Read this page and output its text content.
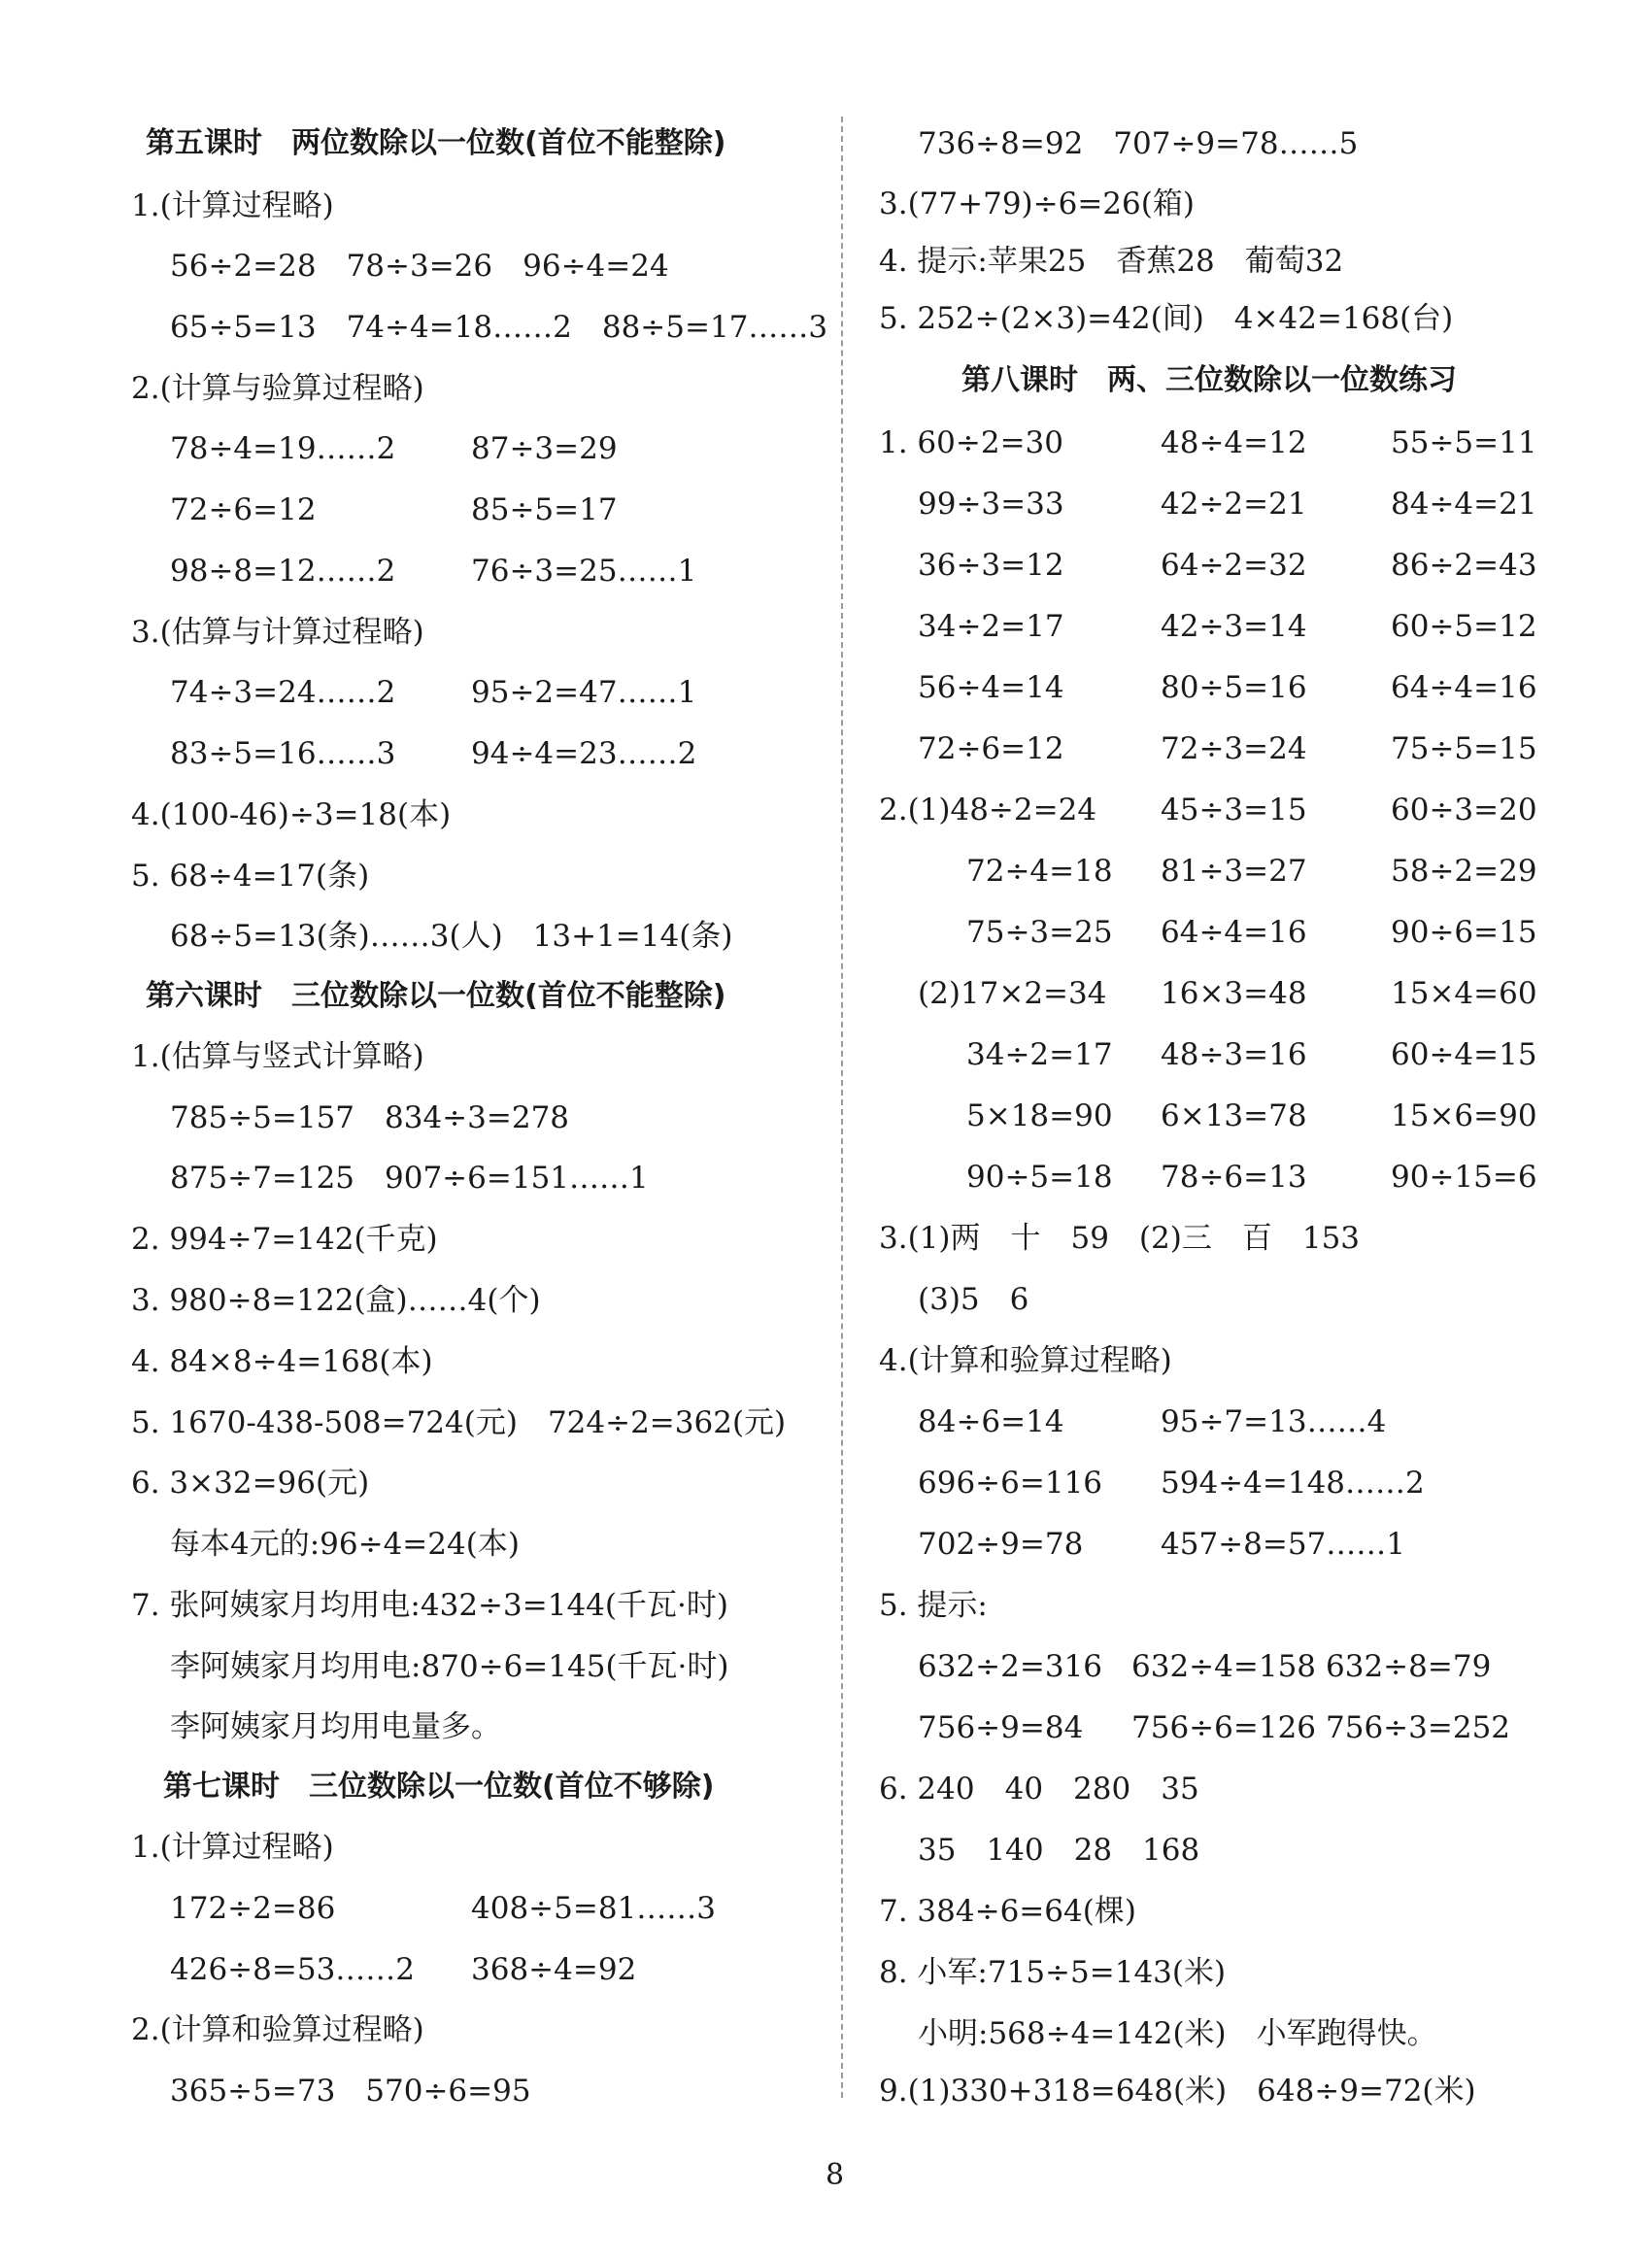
第五课时　两位数除以一位数(首位不能整除)
1.(计算过程略)
56÷2=28　78÷3=26　96÷4=24
65÷5=13　74÷4=18……2　88÷5=17……3
2.(计算与验算过程略)
78÷4=19……2	87÷3=29
72÷6=12	85÷5=17
98÷8=12……2	76÷3=25……1
3.(估算与计算过程略)
74÷3=24……2	95÷2=47……1
83÷5=16……3	94÷4=23……2
4.(100-46)÷3=18(本)
5. 68÷4=17(条)
68÷5=13(条)……3(人)　13+1=14(条)
第六课时　三位数除以一位数(首位不能整除)
1.(估算与竖式计算略)
785÷5=157　834÷3=278
875÷7=125　907÷6=151……1
2. 994÷7=142(千克)
3. 980÷8=122(盒)……4(个)
4. 84×8÷4=168(本)
5. 1670-438-508=724(元)　724÷2=362(元)
6. 3×32=96(元)
每本4元的:96÷4=24(本)
7. 张阿姨家月均用电:432÷3=144(千瓦·时)
李阿姨家月均用电:870÷6=145(千瓦·时)
李阿姨家月均用电量多。
第七课时　三位数除以一位数(首位不够除)
1.(计算过程略)
172÷2=86	408÷5=81……3
426÷8=53……2 368÷4=92
2.(计算和验算过程略)
365÷5=73　570÷6=95
736÷8=92　707÷9=78……5
3.(77+79)÷6=26(箱)
4. 提示:苹果25　香蕉28　葡萄32
5. 252÷(2×3)=42(间)　4×42=168(台)
第八课时　两、三位数除以一位数练习
1. 60÷2=30	48÷4=12	55÷5=11
99÷3=33	42÷2=21	84÷4=21
36÷3=12	64÷2=32	86÷2=43
34÷2=17	42÷3=14	60÷5=12
56÷4=14	80÷5=16	64÷4=16
72÷6=12	72÷3=24	75÷5=15
2.(1)48÷2=24 45÷3=15	60÷3=20
72÷4=18 81÷3=27	58÷2=29
75÷3=25 64÷4=16	90÷6=15
(2)17×2=34 16×3=48	15×4=60
34÷2=17 48÷3=16	60÷4=15
5×18=90 6×13=78	15×6=90
90÷5=18 78÷6=13	90÷15=6
3.(1)两　十　59　(2)三　百　153
(3)5　6
4.(计算和验算过程略)
84÷6=14	95÷7=13……4
696÷6=116 594÷4=148……2
702÷9=78	457÷8=57……1
5. 提示:
632÷2=316 632÷4=158 632÷8=79
756÷9=84 756÷6=126 756÷3=252
6. 240　40　280　35
35　140　28　168
7. 384÷6=64(棵)
8. 小军:715÷5=143(米)
小明:568÷4=142(米)　小军跑得快。
9.(1)330+318=648(米)　648÷9=72(米)
8
